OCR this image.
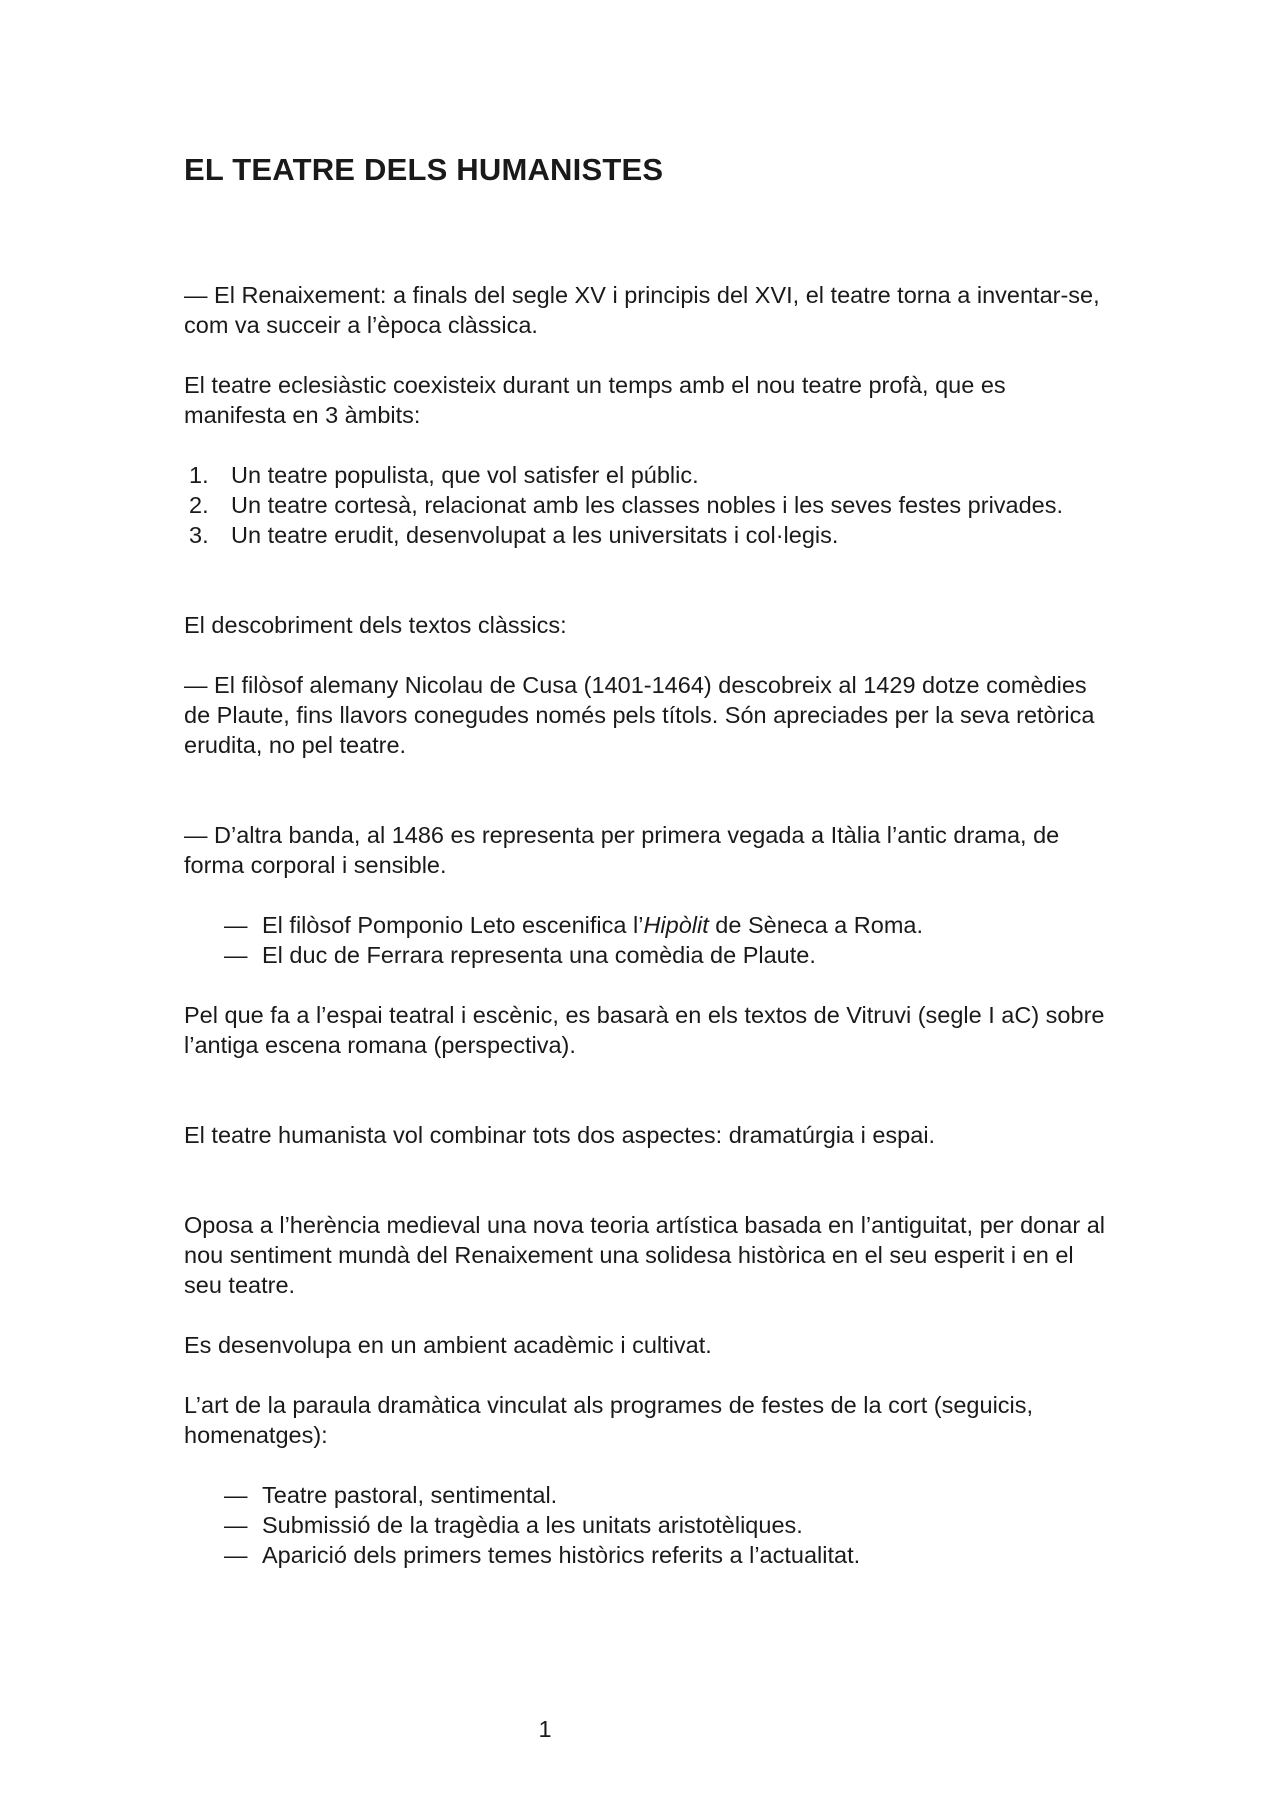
EL TEATRE DELS HUMANISTES

— El Renaixement: a finals del segle XV i principis del XVI, el teatre torna a inventar-se, com va succeir a l’època clàssica.

El teatre eclesiàstic coexisteix durant un temps amb el nou teatre profà, que es manifesta en 3 àmbits:

1. Un teatre populista, que vol satisfer el públic.
2. Un teatre cortesà, relacionat amb les classes nobles i les seves festes privades.
3. Un teatre erudit, desenvolupat a les universitats i col·legis.

El descobriment dels textos clàssics:

— El filòsof alemany Nicolau de Cusa (1401-1464) descobreix al 1429 dotze comèdies de Plaute, fins llavors conegudes només pels títols. Són apreciades per la seva retòrica erudita, no pel teatre.

— D’altra banda, al 1486 es representa per primera vegada a Itàlia l’antic drama, de forma corporal i sensible.

— El filòsof Pomponio Leto escenifica l’Hipòlit de Sèneca a Roma.
— El duc de Ferrara representa una comèdia de Plaute.

Pel que fa a l’espai teatral i escènic, es basarà en els textos de Vitruvi (segle I aC) sobre l’antiga escena romana (perspectiva).

El teatre humanista vol combinar tots dos aspectes: dramatúrgia i espai.

Oposa a l’herència medieval una nova teoria artística basada en l’antiguitat, per donar al nou sentiment mundà del Renaixement una solidesa històrica en el seu esperit i en el seu teatre.

Es desenvolupa en un ambient acadèmic i cultivat.

L’art de la paraula dramàtica vinculat als programes de festes de la cort (seguicis, homenatges):

— Teatre pastoral, sentimental.
— Submissió de la tragèdia a les unitats aristotèliques.
— Aparició dels primers temes històrics referits a l’actualitat.
1
